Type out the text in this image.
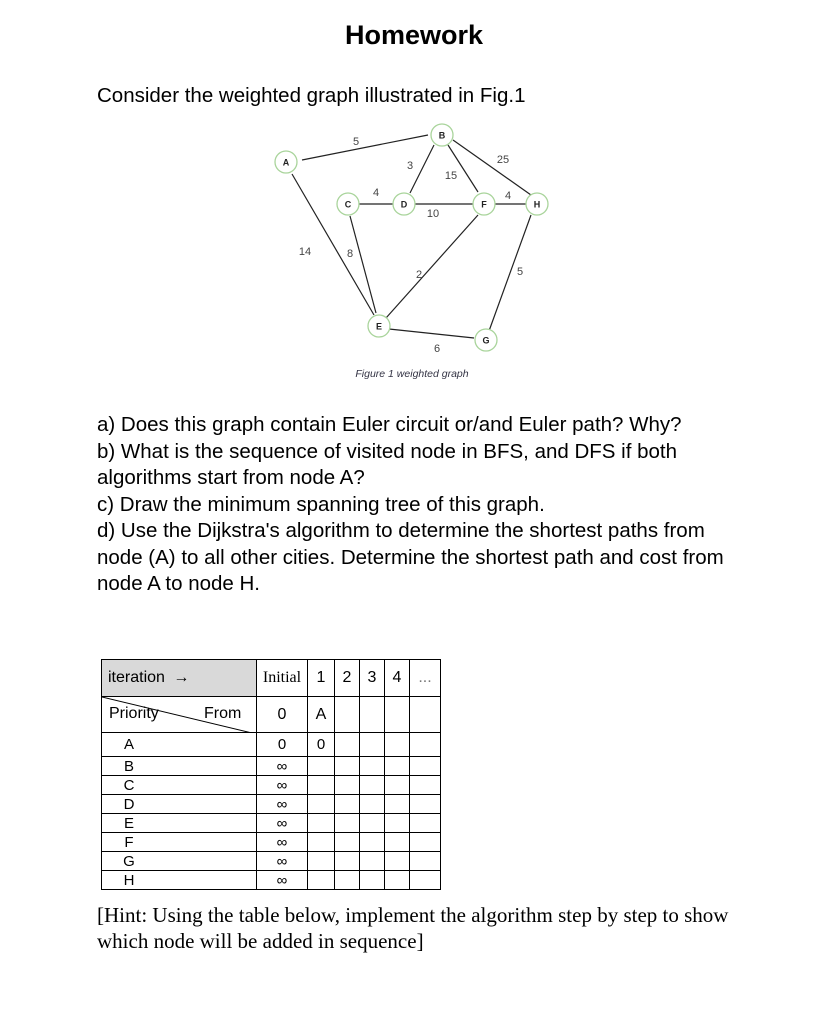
Homework
Consider the weighted graph illustrated in Fig.1
A
B
C	D
E
F
G
H
5
14
3
15
25
4
8
10
4
2
6
5
Figure 1 weighted graph

a) Does this graph contain Euler circuit or/and Euler path? Why?

b) What is the sequence of visited node in BFS, and DFS if both algorithms start from node A?

c) Draw the minimum spanning tree of this graph.

d) Use the Dijkstra's algorithm to determine the shortest paths from node (A) to all other cities. Determine the shortest path and cost from node A to node H.

iteration →	Initial	1	2	3	4	...

Priority From	0	A				
A	0	0				
B	∞					
C	∞					
D	∞					
E	∞					
F	∞					
G	∞					
H	∞					
[Hint: Using the table below, implement the algorithm step by step to show which node will be added in sequence]
